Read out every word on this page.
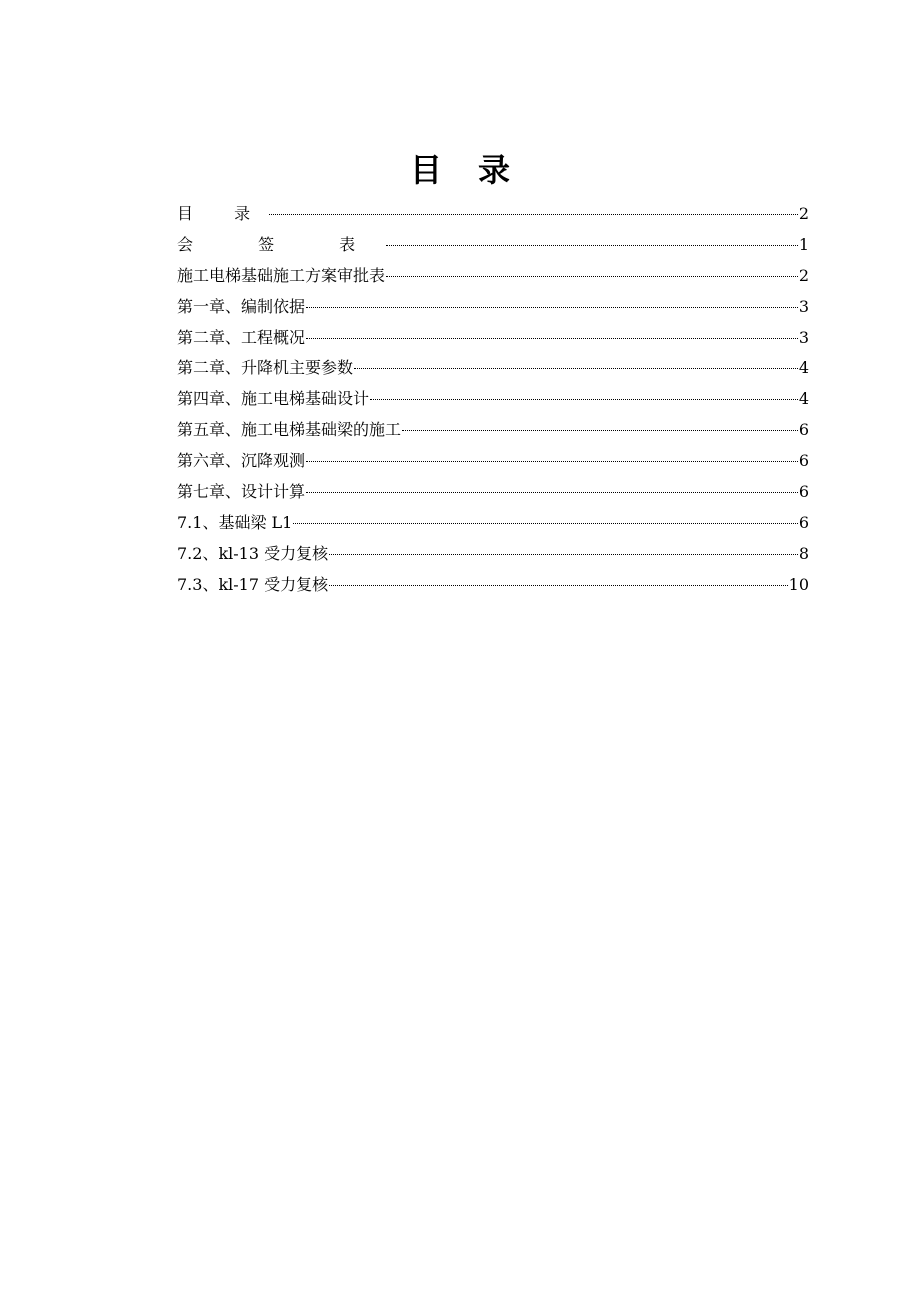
目 录
目 录	2
会 签 表	1
施工电梯基础施工方案审批表	2
第一章、编制依据	3
第二章、工程概况	3
第二章、升降机主要参数	4
第四章、施工电梯基础设计	4
第五章、施工电梯基础梁的施工	6
第六章、沉降观测	6
第七章、设计计算	6
7.1、基础梁 L1	6
7.2、kl-13 受力复核	8
7.3、kl-17 受力复核	10
